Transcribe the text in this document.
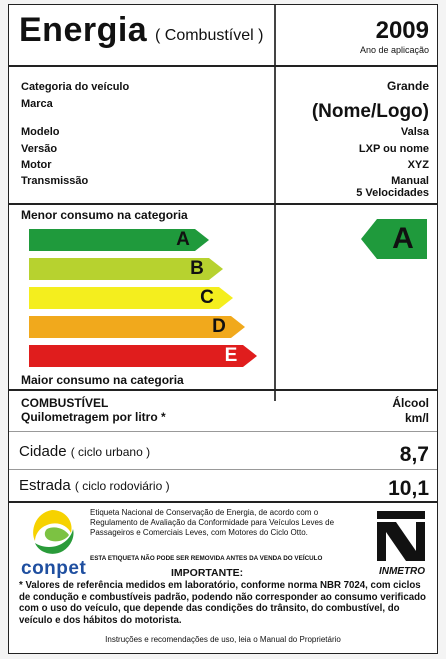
Energia ( Combustível )	2009
Ano de aplicação
Categoria do veículo	Grande
Marca	(Nome/Logo)
Modelo	Valsa
Versão	LXP ou nome
Motor	XYZ
Transmissão	Manual
5 Velocidades
Menor consumo na categoria
A
B
C
D
E
A
Maior consumo na categoria
COMBUSTÍVEL
Quilometragem por litro *
Álcool
km/l
Cidade ( ciclo urbano )	8,7
Estrada ( ciclo rodoviário )	10,1
conpet
Etiqueta Nacional de Conservação de Energia, de acordo com o Regulamento de Avaliação da Conformidade para Veículos Leves de Passageiros e Comerciais Leves, com Motores do Ciclo Otto.
ESTA ETIQUETA NÃO PODE SER REMOVIDA ANTES DA VENDA DO VEÍCULO
INMETRO
IMPORTANTE:
* Valores de referência medidos em laboratório, conforme norma NBR 7024, com ciclos de condução e combustíveis padrão, podendo não corresponder ao consumo verificado com o uso do veículo, que depende das condições do trânsito, do combustível, do veículo e dos hábitos do motorista.
Instruções e recomendações de uso, leia o Manual do Proprietário
